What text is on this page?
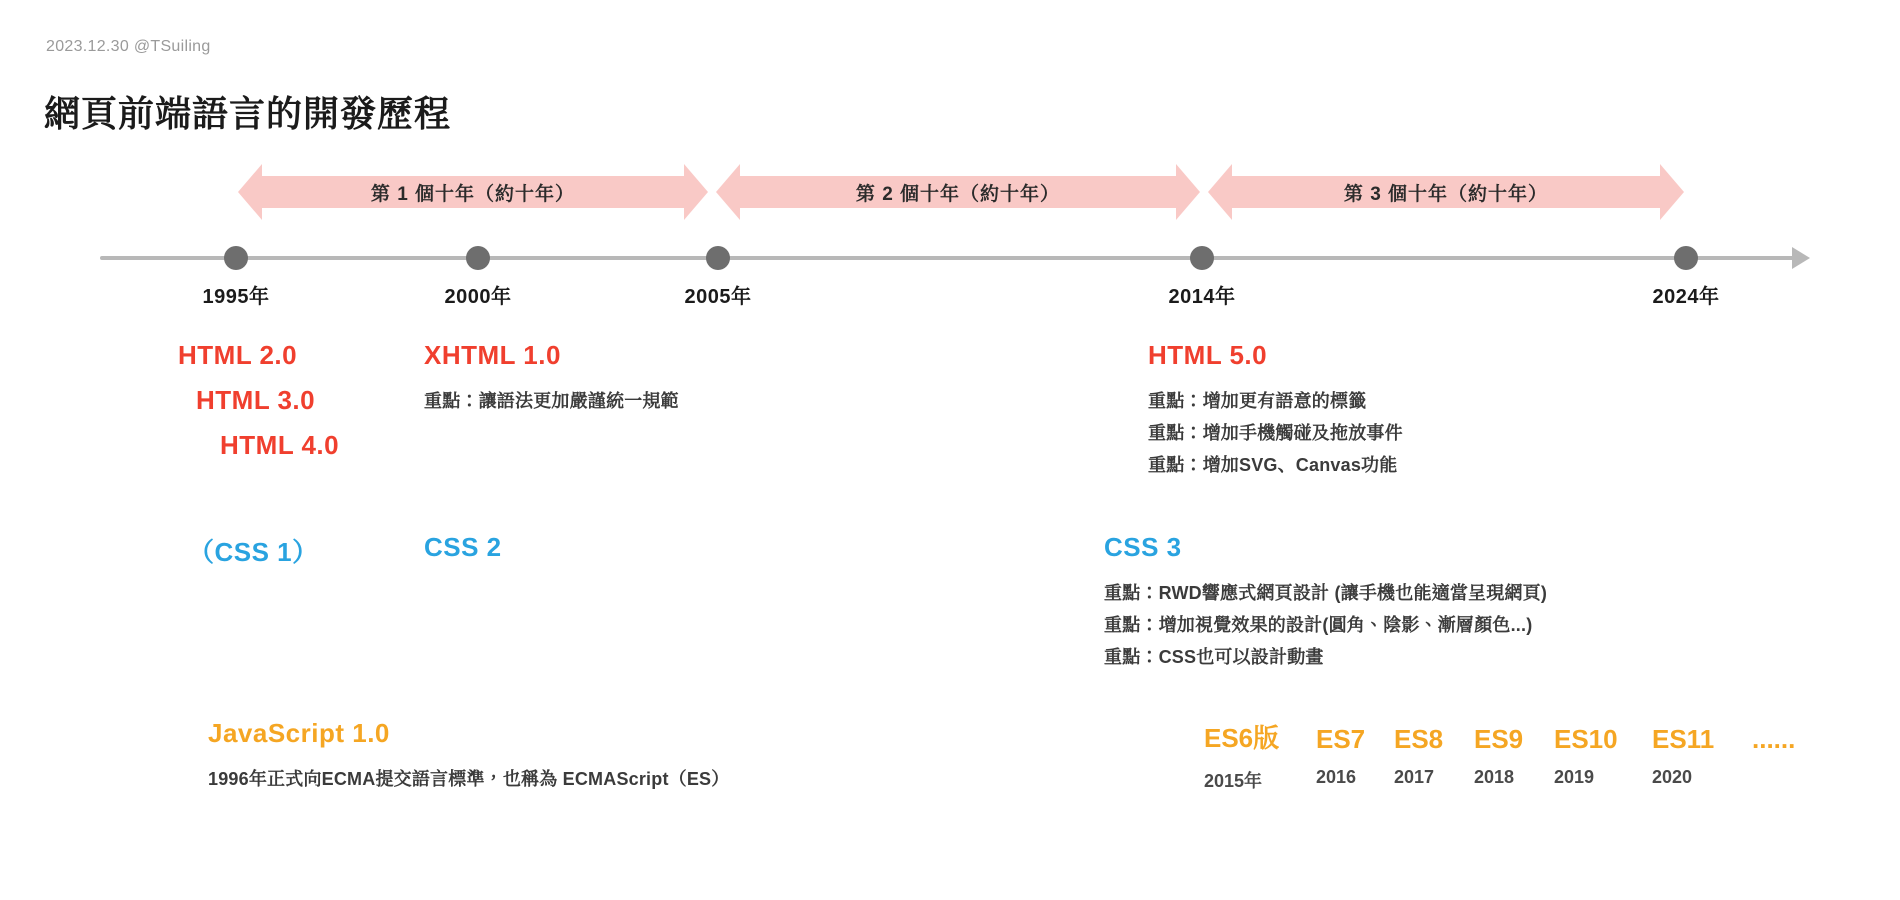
2023.12.30 @TSuiling
網頁前端語言的開發歷程
第 1 個十年（約十年）	第 2 個十年（約十年）	第 3 個十年（約十年）
1995年	2000年	2005年	2014年	2024年
HTML 2.0
HTML 3.0
HTML 4.0
XHTML 1.0
重點：讓語法更加嚴謹統一規範
HTML 5.0
重點：增加更有語意的標籤
重點：增加手機觸碰及拖放事件
重點：增加SVG、Canvas功能
（CSS 1）	CSS 2	CSS 3
重點：RWD響應式網頁設計 (讓手機也能適當呈現網頁)
重點：增加視覺效果的設計(圓角、陰影、漸層顏色...)
重點：CSS也可以設計動畫
JavaScript 1.0
1996年正式向ECMA提交語言標準，也稱為 ECMAScript（ES）
ES6版	ES7	ES8	ES9	ES10	ES11	......
2015年	2016	2017	2018	2019	2020
